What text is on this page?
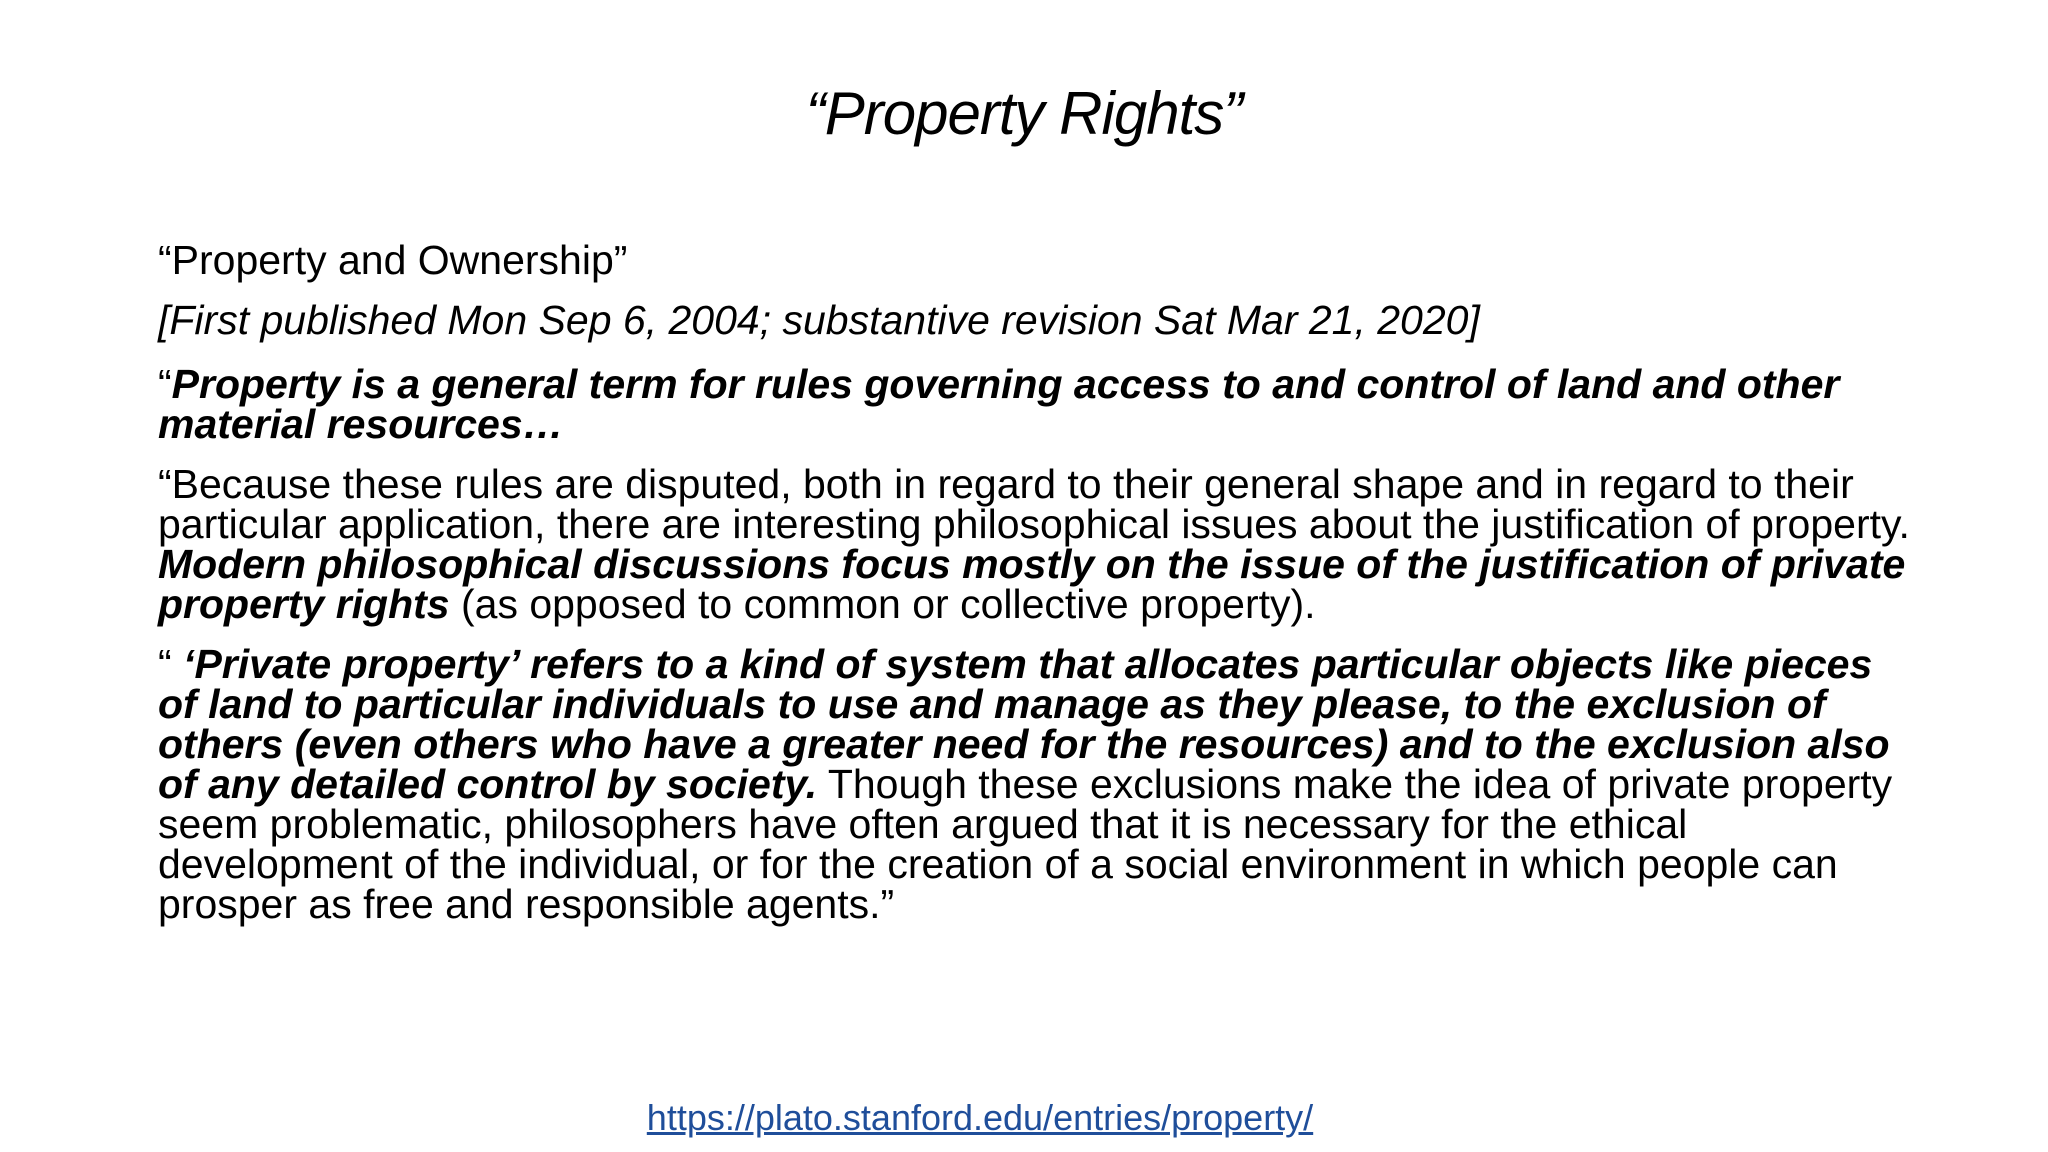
“Property Rights”

“Property and Ownership”

[First published Mon Sep 6, 2004; substantive revision Sat Mar 21, 2020]

“Property is a general term for rules governing access to and control of land and other material resources…

“Because these rules are disputed, both in regard to their general shape and in regard to their particular application, there are interesting philosophical issues about the justification of property. Modern philosophical discussions focus mostly on the issue of the justification of private property rights (as opposed to common or collective property).

“ ‘Private property’ refers to a kind of system that allocates particular objects like pieces of land to particular individuals to use and manage as they please, to the exclusion of others (even others who have a greater need for the resources) and to the exclusion also of any detailed control by society. Though these exclusions make the idea of private property seem problematic, philosophers have often argued that it is necessary for the ethical development of the individual, or for the creation of a social environment in which people can prosper as free and responsible agents.”

https://plato.stanford.edu/entries/property/
